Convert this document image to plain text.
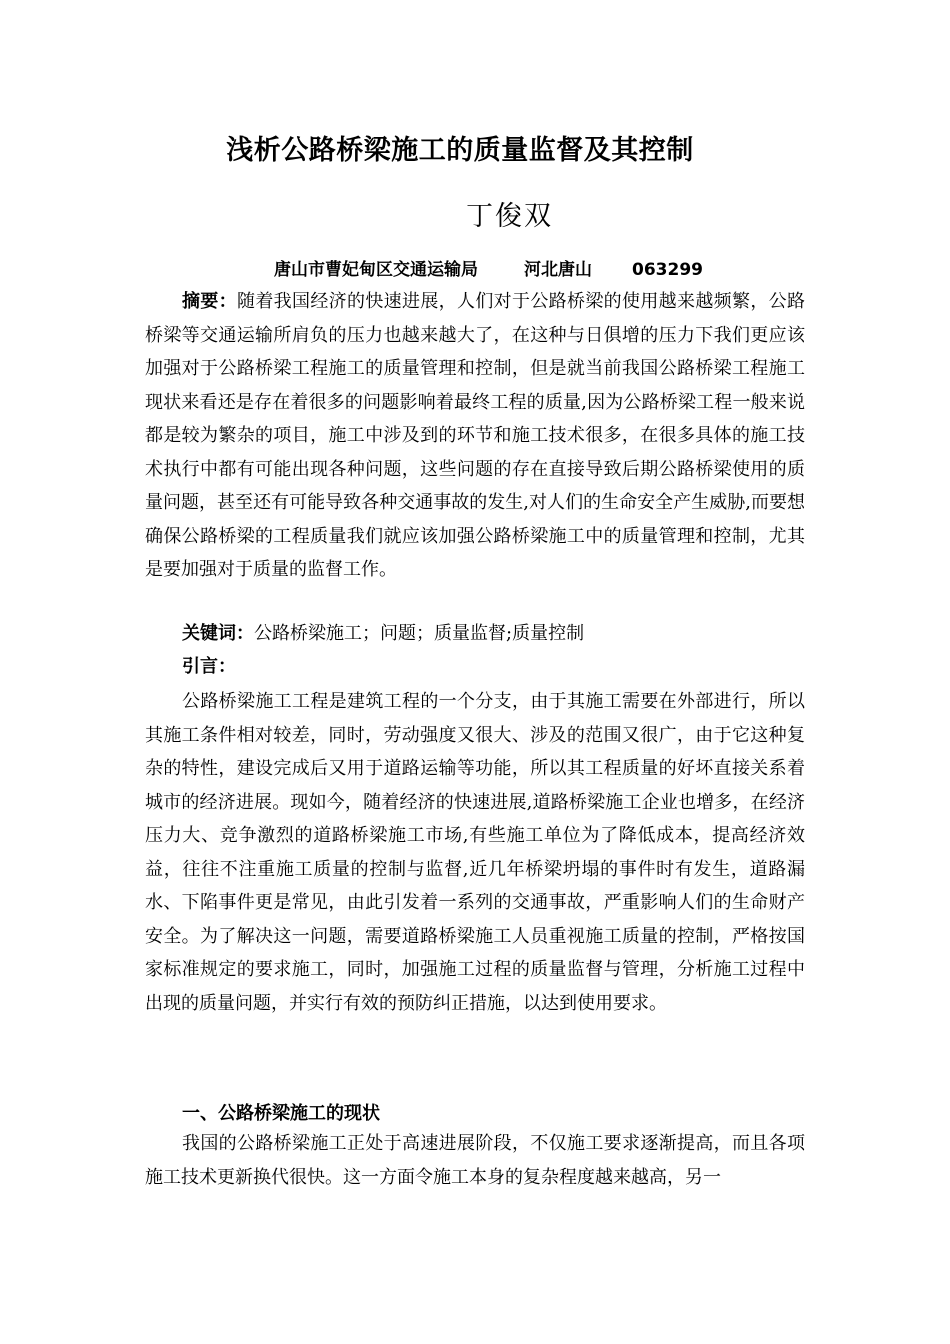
浅析公路桥梁施工的质量监督及其控制
丁俊双
唐山市曹妃甸区交通运输局	河北唐山 063299

摘要：随着我国经济的快速进展，人们对于公路桥梁的使用越来越频繁，公路桥梁等交通运输所肩负的压力也越来越大了，在这种与日俱增的压力下我们更应该加强对于公路桥梁工程施工的质量管理和控制，但是就当前我国公路桥梁工程施工现状来看还是存在着很多的问题影响着最终工程的质量,因为公路桥梁工程一般来说都是较为繁杂的项目，施工中涉及到的环节和施工技术很多，在很多具体的施工技术执行中都有可能出现各种问题，这些问题的存在直接导致后期公路桥梁使用的质量问题，甚至还有可能导致各种交通事故的发生,对人们的生命安全产生威胁,而要想确保公路桥梁的工程质量我们就应该加强公路桥梁施工中的质量管理和控制，尤其是要加强对于质量的监督工作。

关键词：公路桥梁施工；问题；质量监督;质量控制

引言：

公路桥梁施工工程是建筑工程的一个分支，由于其施工需要在外部进行，所以其施工条件相对较差，同时，劳动强度又很大、涉及的范围又很广，由于它这种复杂的特性，建设完成后又用于道路运输等功能，所以其工程质量的好坏直接关系着城市的经济进展。现如今，随着经济的快速进展,道路桥梁施工企业也增多，在经济压力大、竞争激烈的道路桥梁施工市场,有些施工单位为了降低成本，提高经济效益，往往不注重施工质量的控制与监督,近几年桥梁坍塌的事件时有发生，道路漏水、下陷事件更是常见，由此引发着一系列的交通事故，严重影响人们的生命财产安全。为了解决这一问题，需要道路桥梁施工人员重视施工质量的控制，严格按国家标准规定的要求施工，同时，加强施工过程的质量监督与管理，分析施工过程中出现的质量问题，并实行有效的预防纠正措施，以达到使用要求。

一、公路桥梁施工的现状

我国的公路桥梁施工正处于高速进展阶段，不仅施工要求逐渐提高，而且各项施工技术更新换代很快。这一方面令施工本身的复杂程度越来越高，另一
